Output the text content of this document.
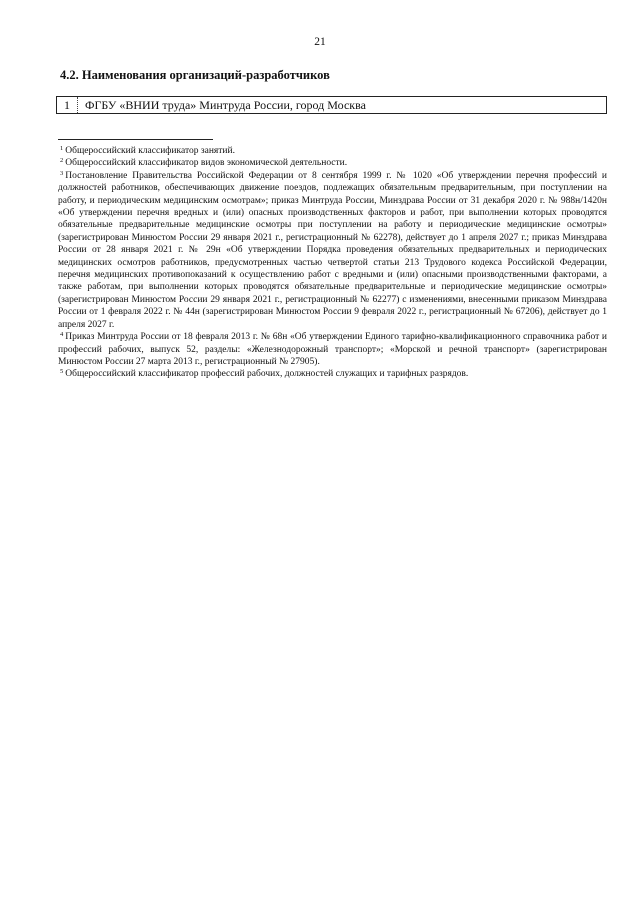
21
4.2. Наименования организаций-разработчиков
1	ФГБУ «ВНИИ труда» Минтруда России, город Москва

$^1$ Общероссийский классификатор занятий.

$^2$ Общероссийский классификатор видов экономической деятельности.

$^3$ Постановление Правительства Российской Федерации от 8 сентября 1999 г. № 1020 «Об утверждении перечня профессий и должностей работников, обеспечивающих движение поездов, подлежащих обязательным предварительным, при поступлении на работу, и периодическим медицинским осмотрам»; приказ Минтруда России, Минздрава России от 31 декабря 2020 г. № 988н/1420н «Об утверждении перечня вредных и (или) опасных производственных факторов и работ, при выполнении которых проводятся обязательные предварительные медицинские осмотры при поступлении на работу и периодические медицинские осмотры» (зарегистрирован Минюстом России 29 января 2021 г., регистрационный № 62278), действует до 1 апреля 2027 г.; приказ Минздрава России от 28 января 2021 г. № 29н «Об утверждении Порядка проведения обязательных предварительных и периодических медицинских осмотров работников, предусмотренных частью четвертой статьи 213 Трудового кодекса Российской Федерации, перечня медицинских противопоказаний к осуществлению работ с вредными и (или) опасными производственными факторами, а также работам, при выполнении которых проводятся обязательные предварительные и периодические медицинские осмотры» (зарегистрирован Минюстом России 29 января 2021 г., регистрационный № 62277) с изменениями, внесенными приказом Минздрава России от 1 февраля 2022 г. № 44н (зарегистрирован Минюстом России 9 февраля 2022 г., регистрационный № 67206), действует до 1 апреля 2027 г.

$^4$ Приказ Минтруда России от 18 февраля 2013 г. № 68н «Об утверждении Единого тарифно-квалификационного справочника работ и профессий рабочих, выпуск 52, разделы: «Железнодорожный транспорт»; «Морской и речной транспорт» (зарегистрирован Минюстом России 27 марта 2013 г., регистрационный № 27905).

$^5$ Общероссийский классификатор профессий рабочих, должностей служащих и тарифных разрядов.
